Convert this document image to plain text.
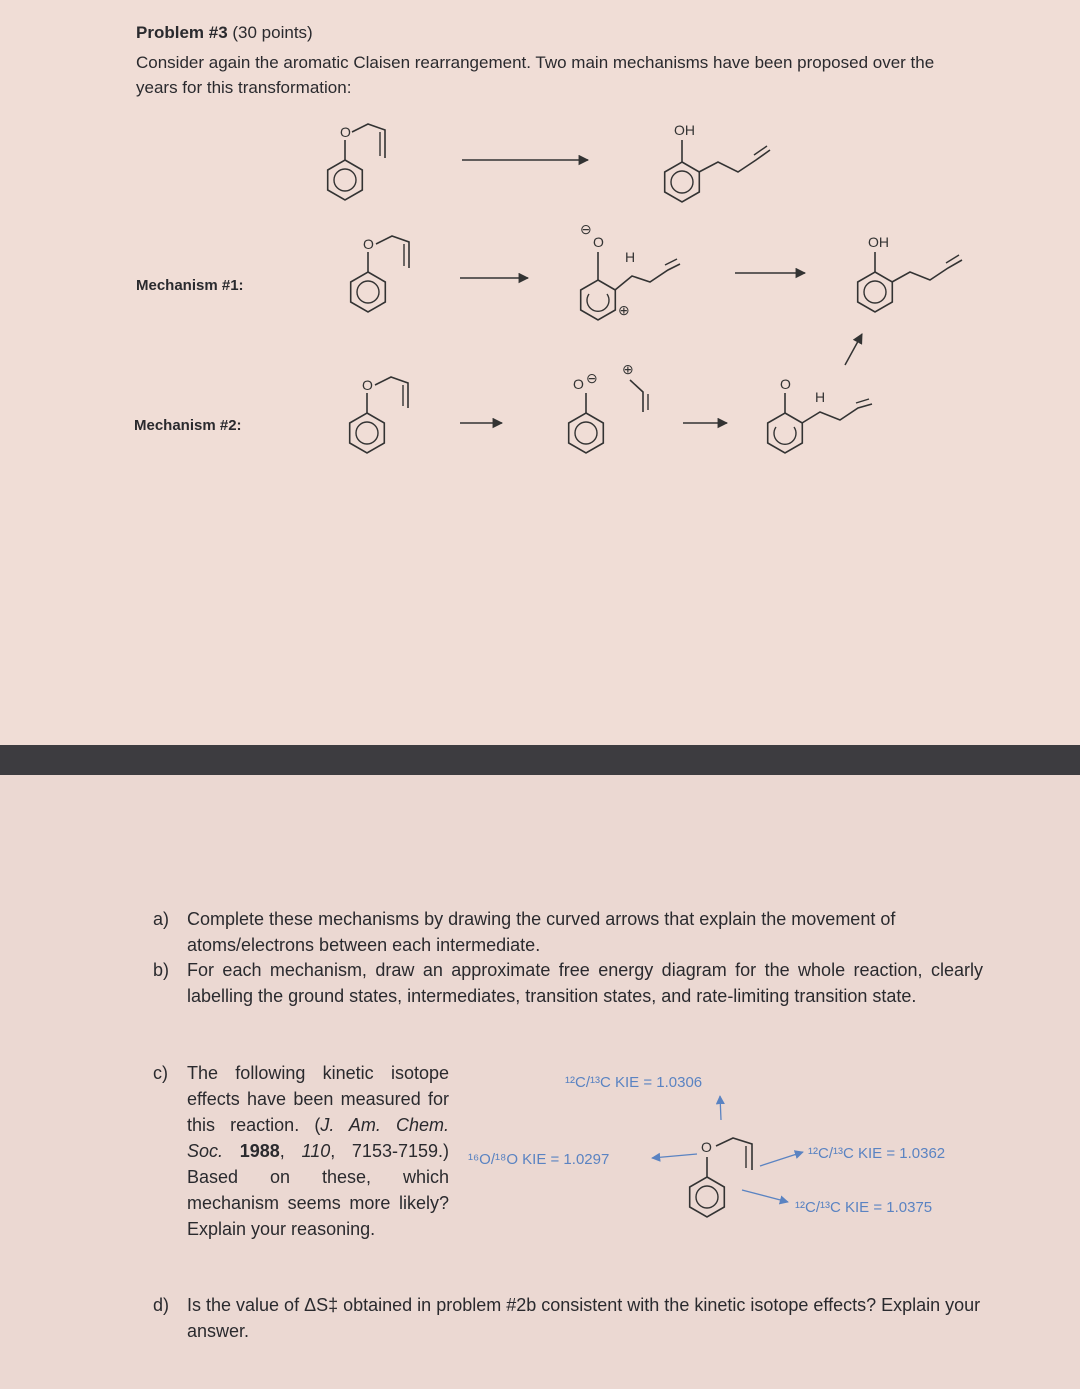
Problem #3 (30 points)
Consider again the aromatic Claisen rearrangement. Two main mechanisms have been proposed over the years for this transformation:
Mechanism #1:
Mechanism #2:
O	OH
O	O
⊖
H
⊕
OH
O	O ⊖
⊕
O
H
O
¹²C/¹³C KIE = 1.0306
¹⁶O/¹⁸O KIE = 1.0297	¹²C/¹³C KIE = 1.0362
¹²C/¹³C KIE = 1.0375
a) Complete these mechanisms by drawing the curved arrows that explain the movement of atoms/electrons between each intermediate.
b) For each mechanism, draw an approximate free energy diagram for the whole reaction, clearly labelling the ground states, intermediates, transition states, and rate-limiting transition state.
c) The following kinetic isotope effects have been measured for this reaction. (J. Am. Chem. Soc. 1988, 110, 7153-7159.) Based on these, which mechanism seems more likely? Explain your reasoning.
d) Is the value of ΔS‡ obtained in problem #2b consistent with the kinetic isotope effects? Explain your answer.
